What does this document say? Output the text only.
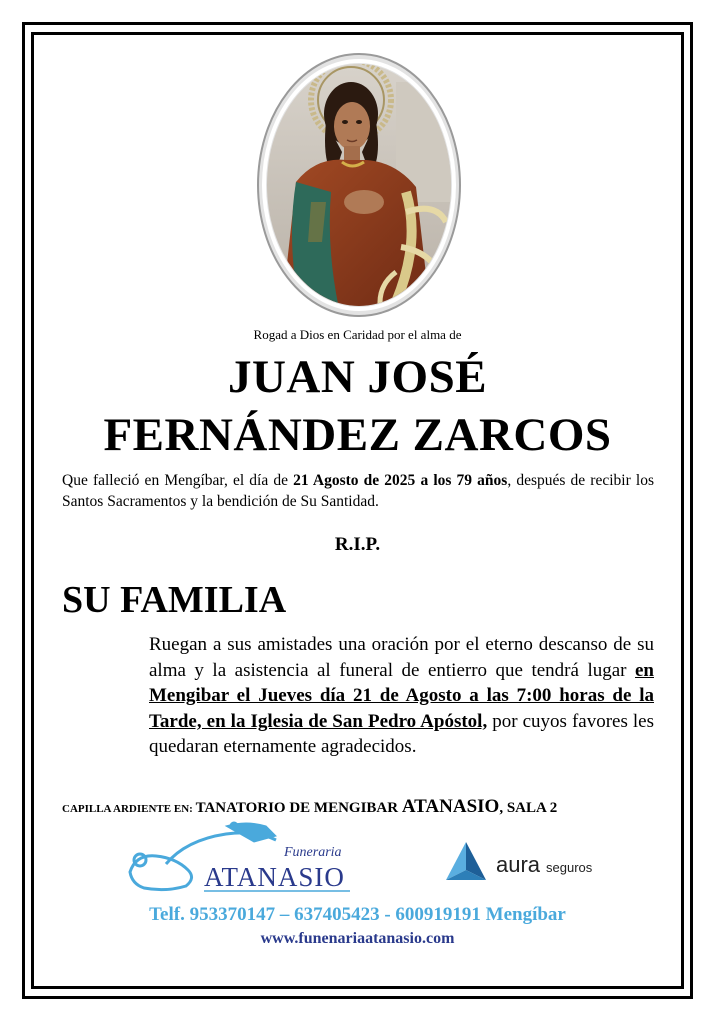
Rogad a Dios en Caridad por el alma de
JUAN JOSÉ
FERNÁNDEZ ZARCOS
Que falleció en Mengíbar, el día de 21 Agosto de 2025 a los 79 años, después de recibir los Santos Sacramentos y la bendición de Su Santidad.
R.I.P.
SU FAMILIA
Ruegan a sus amistades una oración por el eterno descanso de su alma y la asistencia al funeral de entierro que tendrá lugar en Mengibar el Jueves día 21 de Agosto a las 7:00 horas de la Tarde, en la Iglesia de San Pedro Apóstol, por cuyos favores les quedaran eternamente agradecidos.
CAPILLA ARDIENTE EN: TANATORIO DE MENGIBAR ATANASIO, SALA 2
Funeraria
ATANASIO	aura seguros
Telf. 953370147 – 637405423 - 600919191 Mengíbar
www.funenariaatanasio.com
